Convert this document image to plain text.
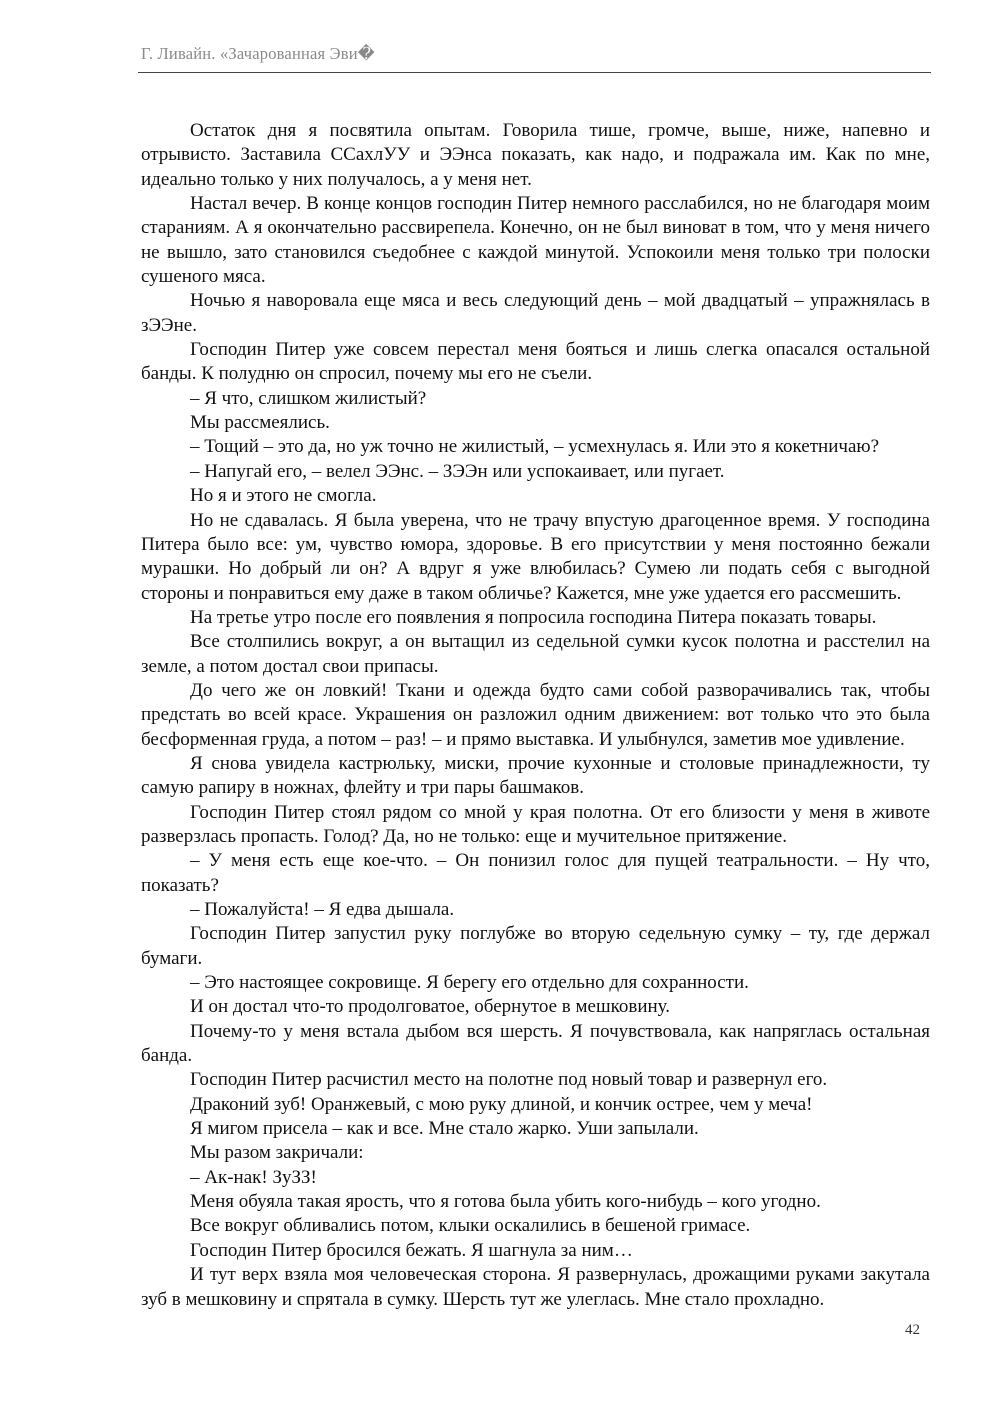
Г. Ливайн. «Зачарованная Эви�

Остаток дня я посвятила опытам. Говорила тише, громче, выше, ниже, напевно и отрывисто. Заставила ССахлУУ и ЭЭнса показать, как надо, и подражала им. Как по мне, идеально только у них получалось, а у меня нет.

Настал вечер. В конце концов господин Питер немного расслабился, но не благодаря моим стараниям. А я окончательно рассвирепела. Конечно, он не был виноват в том, что у меня ничего не вышло, зато становился съедобнее с каждой минутой. Успокоили меня только три полоски сушеного мяса.

Ночью я наворовала еще мяса и весь следующий день – мой двадцатый – упражнялась в зЭЭне.

Господин Питер уже совсем перестал меня бояться и лишь слегка опасался остальной банды. К полудню он спросил, почему мы его не съели.

– Я что, слишком жилистый?

Мы рассмеялись.

– Тощий – это да, но уж точно не жилистый, – усмехнулась я. Или это я кокетничаю?

– Напугай его, – велел ЭЭнс. – ЗЭЭн или успокаивает, или пугает.

Но я и этого не смогла.

Но не сдавалась. Я была уверена, что не трачу впустую драгоценное время. У господина Питера было все: ум, чувство юмора, здоровье. В его присутствии у меня постоянно бежали мурашки. Но добрый ли он? А вдруг я уже влюбилась? Сумею ли подать себя с выгодной стороны и понравиться ему даже в таком обличье? Кажется, мне уже удается его рассмешить.

На третье утро после его появления я попросила господина Питера показать товары.

Все столпились вокруг, а он вытащил из седельной сумки кусок полотна и расстелил на земле, а потом достал свои припасы.

До чего же он ловкий! Ткани и одежда будто сами собой разворачивались так, чтобы предстать во всей красе. Украшения он разложил одним движением: вот только что это была бесформенная груда, а потом – раз! – и прямо выставка. И улыбнулся, заметив мое удивление.

Я снова увидела кастрюльку, миски, прочие кухонные и столовые принадлежности, ту самую рапиру в ножнах, флейту и три пары башмаков.

Господин Питер стоял рядом со мной у края полотна. От его близости у меня в животе разверзлась пропасть. Голод? Да, но не только: еще и мучительное притяжение.

– У меня есть еще кое-что. – Он понизил голос для пущей театральности. – Ну что, показать?

– Пожалуйста! – Я едва дышала.

Господин Питер запустил руку поглубже во вторую седельную сумку – ту, где держал бумаги.

– Это настоящее сокровище. Я берегу его отдельно для сохранности.

И он достал что-то продолговатое, обернутое в мешковину.

Почему-то у меня встала дыбом вся шерсть. Я почувствовала, как напряглась остальная банда.

Господин Питер расчистил место на полотне под новый товар и развернул его.

Драконий зуб! Оранжевый, с мою руку длиной, и кончик острее, чем у меча!

Я мигом присела – как и все. Мне стало жарко. Уши запылали.

Мы разом закричали:

– Ак-нак! ЗуЗЗ!

Меня обуяла такая ярость, что я готова была убить кого-нибудь – кого угодно.

Все вокруг обливались потом, клыки оскалились в бешеной гримасе.

Господин Питер бросился бежать. Я шагнула за ним…

И тут верх взяла моя человеческая сторона. Я развернулась, дрожащими руками закутала зуб в мешковину и спрятала в сумку. Шерсть тут же улеглась. Мне стало прохладно.

42
